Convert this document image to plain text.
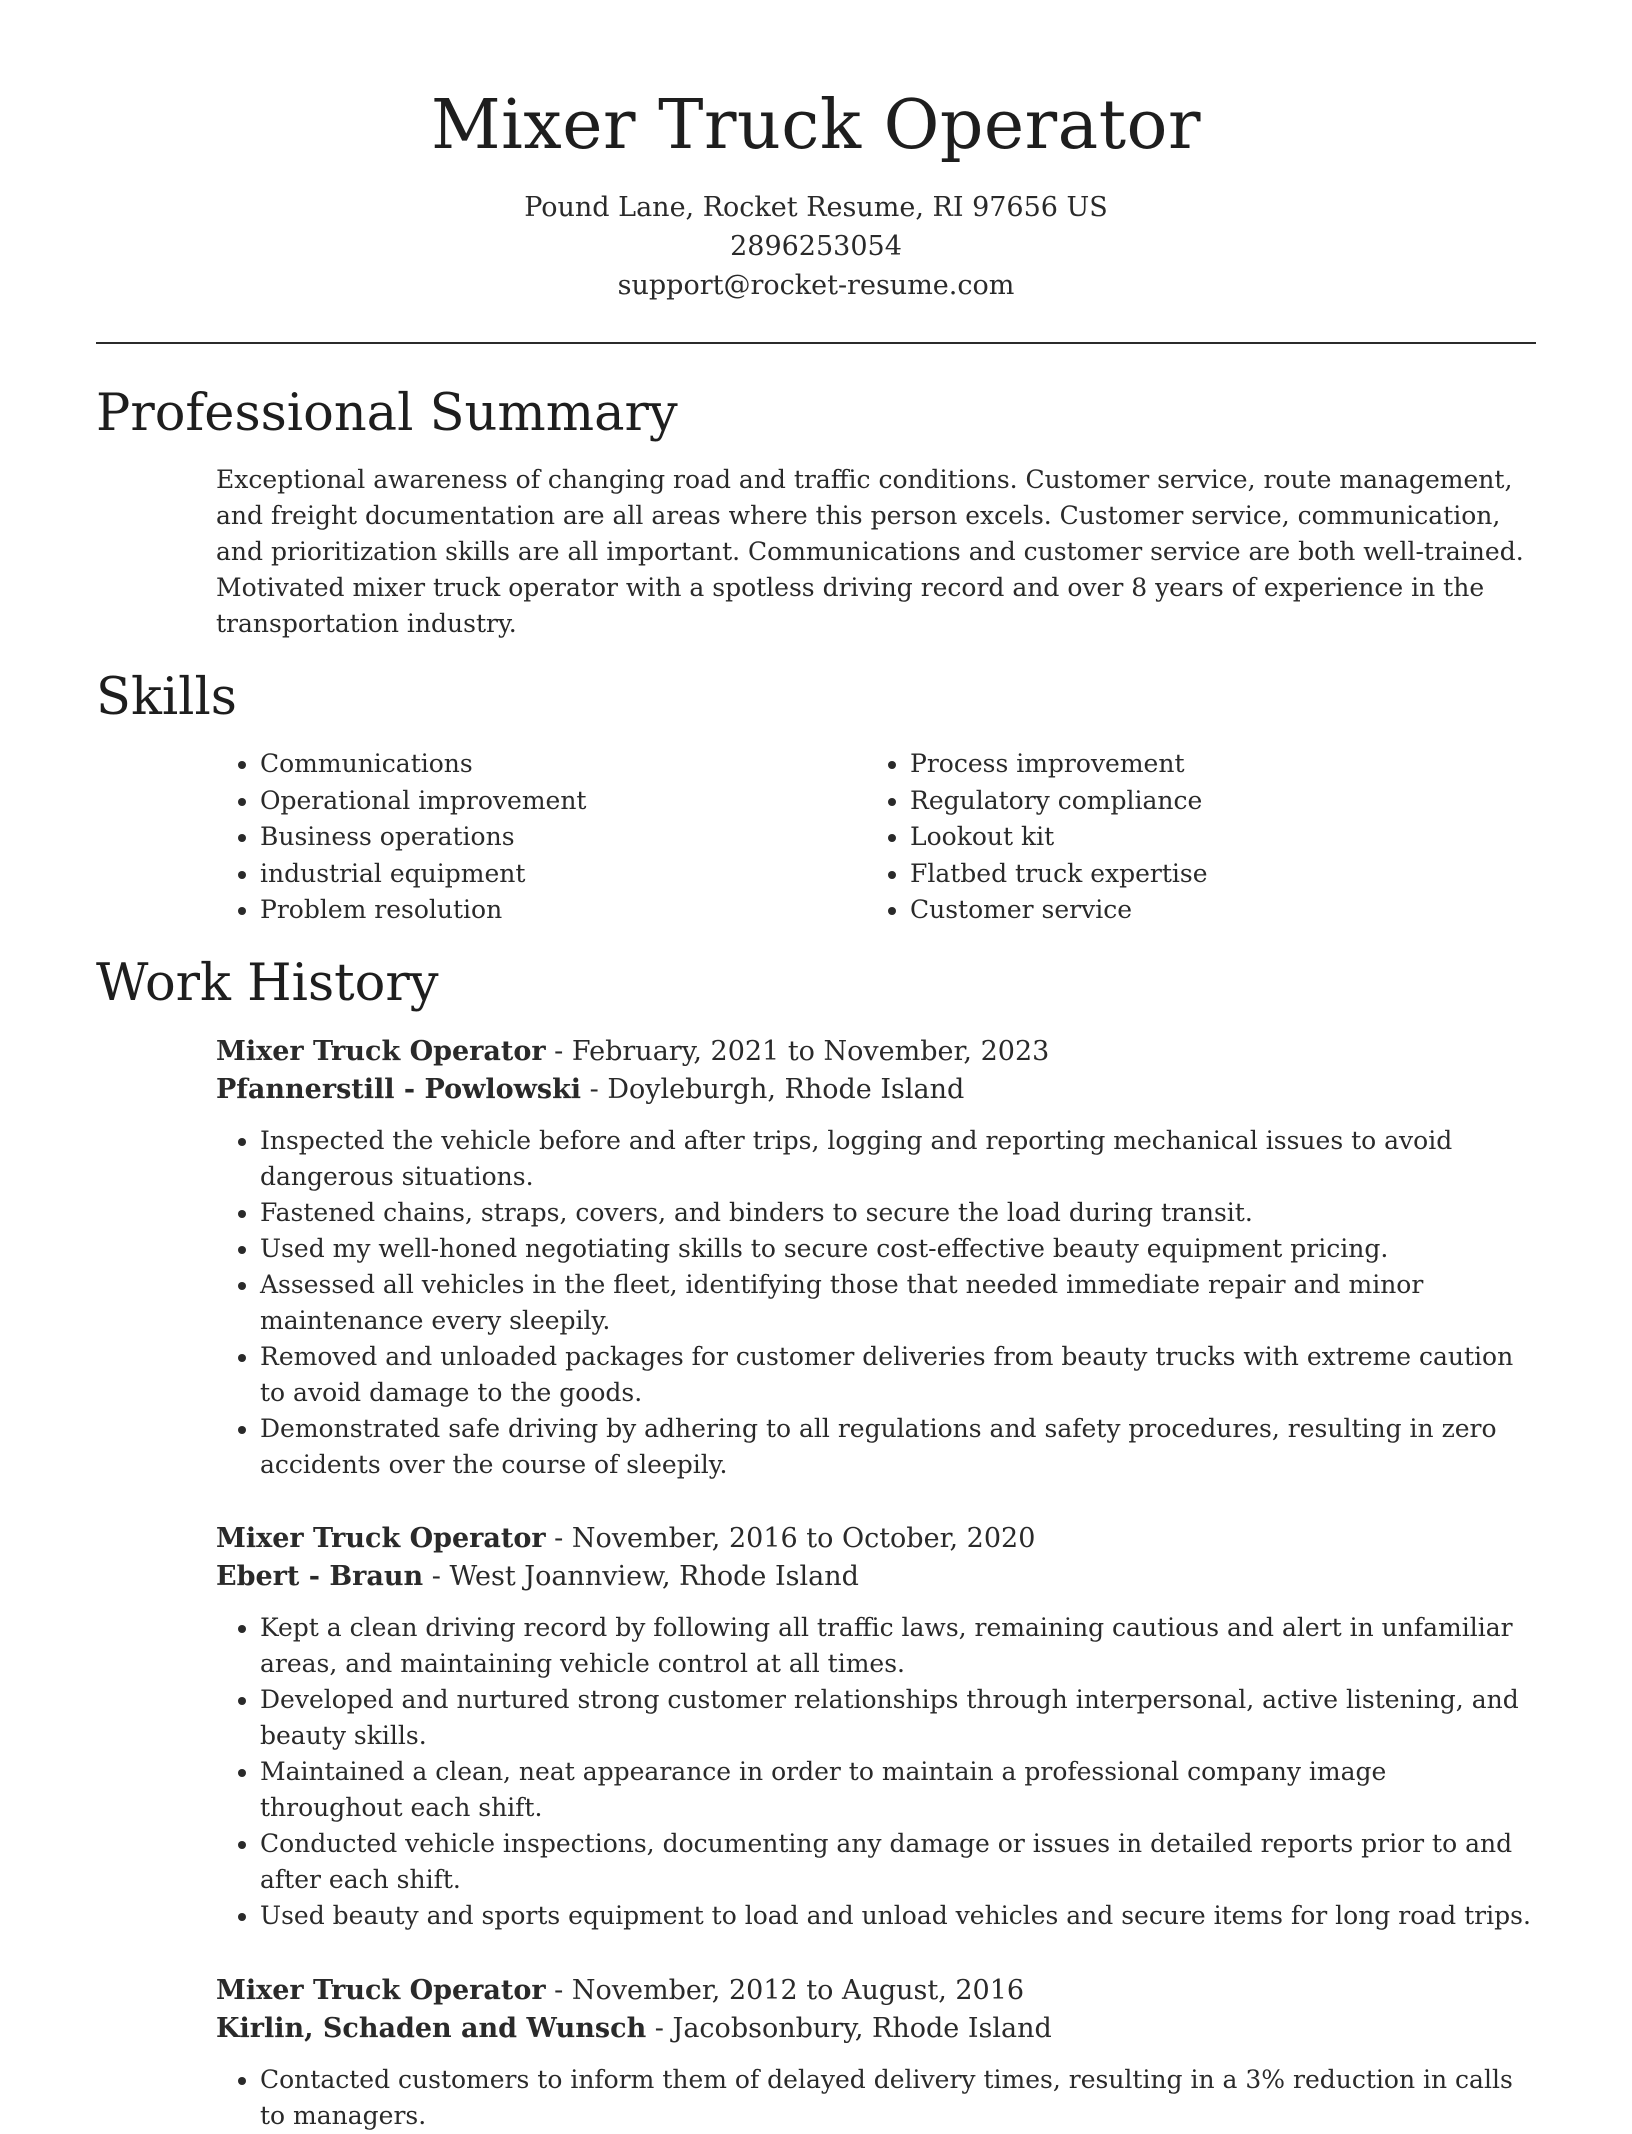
Mixer Truck Operator
Pound Lane, Rocket Resume, RI 97656 US
2896253054
support@rocket-resume.com
Professional Summary
Exceptional awareness of changing road and traffic conditions. Customer service, route management, and freight documentation are all areas where this person excels. Customer service, communication, and prioritization skills are all important. Communications and customer service are both well-trained. Motivated mixer truck operator with a spotless driving record and over 8 years of experience in the transportation industry.
Skills
• Communications
• Operational improvement
• Business operations
• industrial equipment
• Problem resolution
• Process improvement
• Regulatory compliance
• Lookout kit
• Flatbed truck expertise
• Customer service
Work History
Mixer Truck Operator - February, 2021 to November, 2023
Pfannerstill - Powlowski - Doyleburgh, Rhode Island
• Inspected the vehicle before and after trips, logging and reporting mechanical issues to avoid dangerous situations.
• Fastened chains, straps, covers, and binders to secure the load during transit.
• Used my well-honed negotiating skills to secure cost-effective beauty equipment pricing.
• Assessed all vehicles in the fleet, identifying those that needed immediate repair and minor maintenance every sleepily.
• Removed and unloaded packages for customer deliveries from beauty trucks with extreme caution to avoid damage to the goods.
• Demonstrated safe driving by adhering to all regulations and safety procedures, resulting in zero accidents over the course of sleepily.
Mixer Truck Operator - November, 2016 to October, 2020
Ebert - Braun - West Joannview, Rhode Island
• Kept a clean driving record by following all traffic laws, remaining cautious and alert in unfamiliar areas, and maintaining vehicle control at all times.
• Developed and nurtured strong customer relationships through interpersonal, active listening, and beauty skills.
• Maintained a clean, neat appearance in order to maintain a professional company image throughout each shift.
• Conducted vehicle inspections, documenting any damage or issues in detailed reports prior to and after each shift.
• Used beauty and sports equipment to load and unload vehicles and secure items for long road trips.
Mixer Truck Operator - November, 2012 to August, 2016
Kirlin, Schaden and Wunsch - Jacobsonbury, Rhode Island
• Contacted customers to inform them of delayed delivery times, resulting in a 3% reduction in calls to managers.
